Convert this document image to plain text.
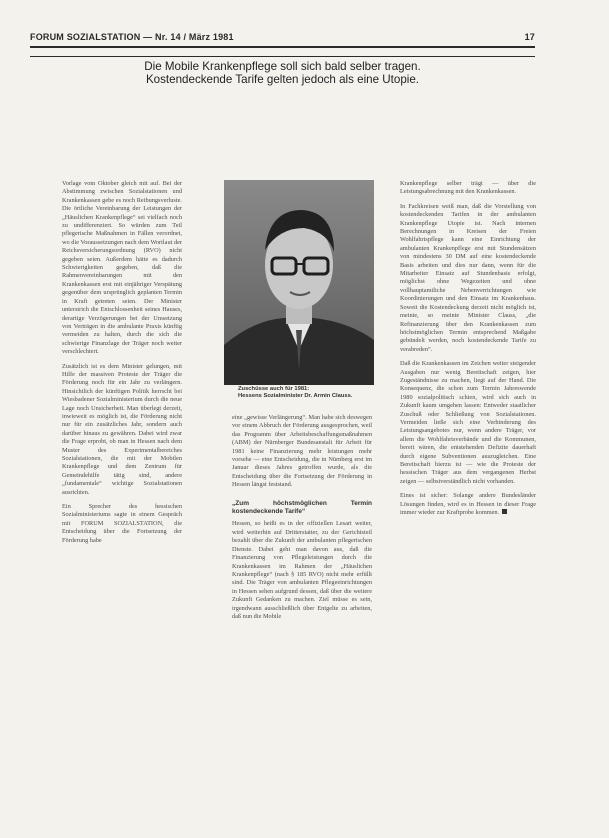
FORUM SOZIALSTATION — Nr. 14 / März 1981	17
Die Mobile Krankenpflege soll sich bald selber tragen. Kostendeckende Tarife gelten jedoch als eine Utopie.

Vorlage vom Oktober gleich mit auf. Bei der Abstimmung zwischen Sozialstationen und Krankenkassen gebe es noch Reibungsverluste. Die örtliche Vereinbarung der Leistungen der „Häuslichen Krankenpflege“ sei vielfach noch zu undifferenziert. So würden zum Teil pflegerische Maßnahmen in Fällen verordnet, wo die Voraussetzungen nach dem Wortlaut der Reichsversicherungsordnung (RVO) nicht gegeben seien. Außerdem hätte es dadurch Schwierigkeiten gegeben, daß die Rahmenvereinbarungen mit den Krankenkassen erst mit einjähriger Verspätung gegenüber dem ursprünglich geplanten Termin in Kraft getreten seien. Der Minister unterstrich die Entschlossenheit seines Hauses, derartige Verzögerungen bei der Umsetzung von Verträgen in die ambulante Praxis künftig vermeiden zu halten, durch die sich die schwierige Finanzlage der Träger noch weiter verschlechtert.

Zusätzlich ist es dem Minister gelungen, mit Hilfe der massiven Proteste der Träger die Förderung noch für ein Jahr zu verlängern. Hinsichtlich der künftigen Politik herrscht bei Wiesbadener Sozialministerium durch die neue Lage noch Unsicherheit. Man überlegt derzeit, inwieweit es möglich ist, die Förderung nicht nur für ein zusätzliches Jahr, sondern auch darüber hinaus zu gewähren. Dabei wird zwar die Frage erprobt, ob man in Hessen nach dem Muster des Experimentalbereiches Sozialstationen, die mit der Mobilen Krankenpflege und dem Zentrum für Gemeindehilfe tätig sind, andere „fundamentale“ wichtige Sozialstationen ausrichten.

Ein Sprecher des hessischen Sozialministeriums sagte in einem Gespräch mit FORUM SOZIALSTATION, die Entscheidung über die Fortsetzung der Förderung habe

Zuschüsse auch für 1981:
Hessens Sozialminister Dr. Armin Clauss.

eine „gewisse Verlängerung“. Man habe sich deswegen vor einem Abbruch der Förderung ausgesprochen, weil das Programm über Arbeitsbeschaffungsmaßnahmen (ABM) der Nürnberger Bundesanstalt für Arbeit für 1981 keine Finanzierung mehr leistungen mehr vorsehe — eine Entscheidung, die in Nürnberg erst im Januar dieses Jahres getroffen wurde, als die Entscheidung über die Fortsetzung der Förderung in Hessen längst feststand.

„Zum höchstmöglichen Termin kostendeckende Tarife“

Hessen, so heißt es in der offiziellen Lesart weiter, wird weiterhin auf Dritterstatter, zu der Gerichtsteil bezahlt über die Zukunft der ambulanten pflegerischen Dienste. Dabei geht man davon aus, daß die Finanzierung von Pflegeleistungen durch die Krankenkassen im Rahmen der „Häuslichen Krankenpflege“ (nach § 185 RVO) nicht mehr erfüllt sind. Die Träger von ambulanten Pflegeeinrichtungen in Hessen sehen aufgrund dessen, daß über die weitere Zukunft Gedanken zu machen. Ziel müsse es sein, irgendwann ausschließlich über Entgelte zu arbeiten, daß nun die Mobile

Krankenpflege selber trägt — über die Leistungsabrechnung mit den Krankenkassen.

In Fachkreisen weiß man, daß die Vorstellung von kostendeckenden Tarifen in der ambulanten Krankenpflege Utopie ist. Nach internen Berechnungen in Kreisen der Freien Wohlfahrtspflege kann eine Einrichtung der ambulanten Krankenpflege erst mit Stundensätzen von mindestens 30 DM auf eine kostendeckende Basis arbeiten und dies nur dann, wenn für die Mitarbeiter Einsatz auf Stundenbasis erfolgt, möglichst ohne Wegezeiten und ohne vollhauptamtliche Nebenverrichtungen wie Koordinierungen und den Einsatz im Krankenhaus. Soweit die Kostendeckung derzeit nicht möglich ist, meinte, so meinte Minister Clauss, „die Refinanzierung über den Krankenkassen zum höchstmöglichen Termin entsprechend Maßgabe gebündelt werden, noch kostendeckende Tarife zu verabreden“.

Daß die Krankenkassen im Zeichen weiter steigender Ausgaben nur wenig Bereitschaft zeigen, hier Zugeständnisse zu machen, liegt auf der Hand. Die Konsequenz, die schon zum Termin Jahreswende 1980 sozialpolitisch schien, wird sich auch in Zukunft kaum umgehen lassen: Entweder staatlicher Zuschuß oder Schließung von Sozialstationen. Vermeiden ließe sich eine Verhinderung des Leistungsangebotes nur, wenn andere Träger, vor allem die Wohlfahrtsverbände und die Kommunen, bereit wären, die entstehenden Defizite dauerhaft durch eigene Subventionen auszugleichen. Eine Bereitschaft hierzu ist — wie die Proteste der hessischen Träger aus dem vergangenen Herbst zeigen — selbstverständlich nicht vorhanden.

Eines ist sicher: Solange andere Bundesländer Lösungen finden, wird es in Hessen in dieser Frage immer wieder zur Kraftprobe kommen.
